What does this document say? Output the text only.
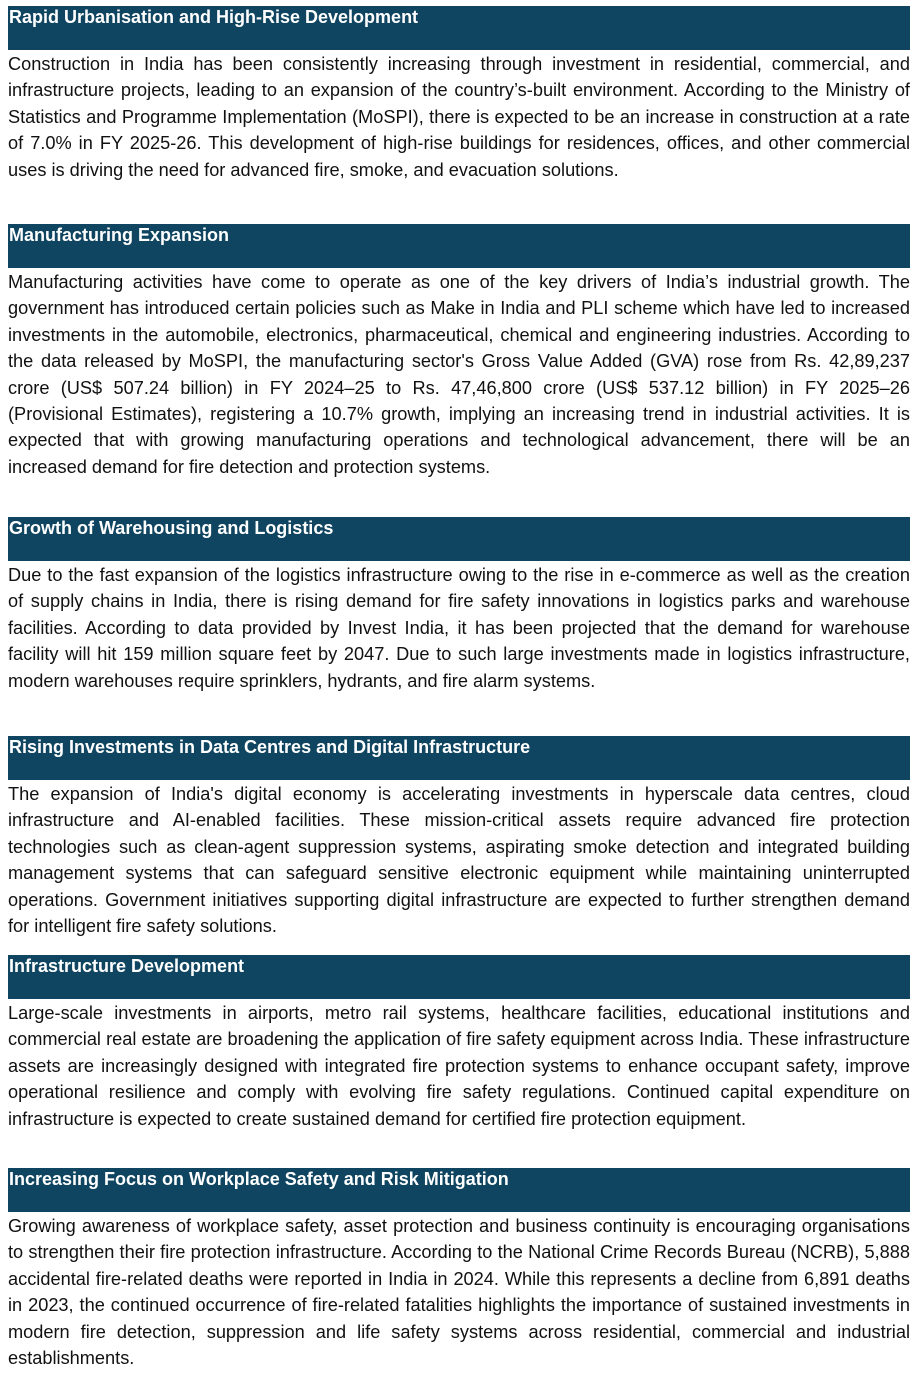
Rapid Urbanisation and High-Rise Development

Construction in India has been consistently increasing through investment in residential, commercial, and infrastructure projects, leading to an expansion of the country’s-built environment. According to the Ministry of Statistics and Programme Implementation (MoSPI), there is expected to be an increase in construction at a rate of 7.0% in FY 2025-26. This development of high-rise buildings for residences, offices, and other commercial uses is driving the need for advanced fire, smoke, and evacuation solutions.

Manufacturing Expansion

Manufacturing activities have come to operate as one of the key drivers of India’s industrial growth. The government has introduced certain policies such as Make in India and PLI scheme which have led to increased investments in the automobile, electronics, pharmaceutical, chemical and engineering industries. According to the data released by MoSPI, the manufacturing sector's Gross Value Added (GVA) rose from Rs. 42,89,237 crore (US$ 507.24 billion) in FY 2024–25 to Rs. 47,46,800 crore (US$ 537.12 billion) in FY 2025–26 (Provisional Estimates), registering a 10.7% growth, implying an increasing trend in industrial activities. It is expected that with growing manufacturing operations and technological advancement, there will be an increased demand for fire detection and protection systems.

Growth of Warehousing and Logistics

Due to the fast expansion of the logistics infrastructure owing to the rise in e-commerce as well as the creation of supply chains in India, there is rising demand for fire safety innovations in logistics parks and warehouse facilities. According to data provided by Invest India, it has been projected that the demand for warehouse facility will hit 159 million square feet by 2047. Due to such large investments made in logistics infrastructure, modern warehouses require sprinklers, hydrants, and fire alarm systems.

Rising Investments in Data Centres and Digital Infrastructure

The expansion of India's digital economy is accelerating investments in hyperscale data centres, cloud infrastructure and AI-enabled facilities. These mission-critical assets require advanced fire protection technologies such as clean-agent suppression systems, aspirating smoke detection and integrated building management systems that can safeguard sensitive electronic equipment while maintaining uninterrupted operations. Government initiatives supporting digital infrastructure are expected to further strengthen demand for intelligent fire safety solutions.

Infrastructure Development

Large-scale investments in airports, metro rail systems, healthcare facilities, educational institutions and commercial real estate are broadening the application of fire safety equipment across India. These infrastructure assets are increasingly designed with integrated fire protection systems to enhance occupant safety, improve operational resilience and comply with evolving fire safety regulations. Continued capital expenditure on infrastructure is expected to create sustained demand for certified fire protection equipment.

Increasing Focus on Workplace Safety and Risk Mitigation

Growing awareness of workplace safety, asset protection and business continuity is encouraging organisations to strengthen their fire protection infrastructure. According to the National Crime Records Bureau (NCRB), 5,888 accidental fire-related deaths were reported in India in 2024. While this represents a decline from 6,891 deaths in 2023, the continued occurrence of fire-related fatalities highlights the importance of sustained investments in modern fire detection, suppression and life safety systems across residential, commercial and industrial establishments.
